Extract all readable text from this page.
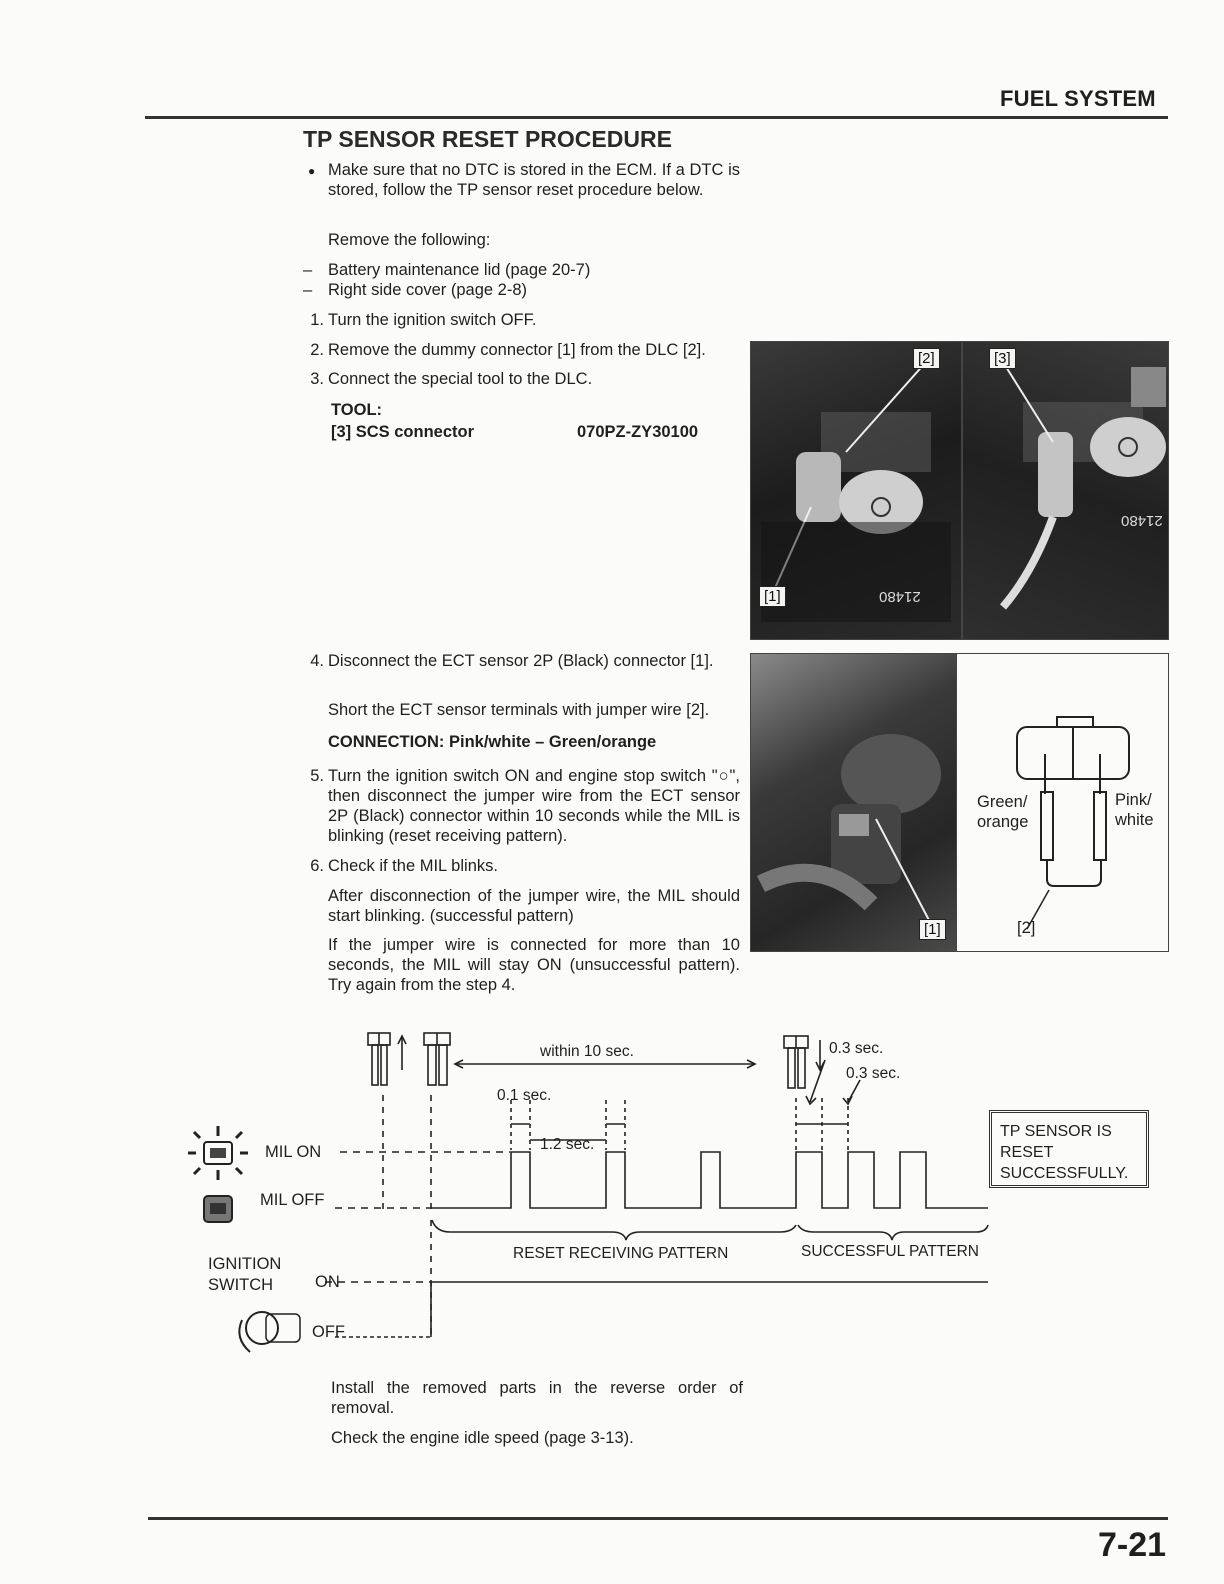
FUEL SYSTEM
TP SENSOR RESET PROCEDURE
● Make sure that no DTC is stored in the ECM. If a DTC is stored, follow the TP sensor reset procedure below.
Remove the following:
– Battery maintenance lid (page 20-7)
– Right side cover (page 2-8)
1. Turn the ignition switch OFF.
2. Remove the dummy connector [1] from the DLC [2].
3. Connect the special tool to the DLC.
TOOL:
[3] SCS connector	070PZ-ZY30100
[2]
[1]	21480
[3]
21480
4. Disconnect the ECT sensor 2P (Black) connector [1].
Short the ECT sensor terminals with jumper wire [2].
CONNECTION: Pink/white – Green/orange
[1]
Green/
orange
Pink/
white
[2]
5. Turn the ignition switch ON and engine stop switch "○", then disconnect the jumper wire from the ECT sensor 2P (Black) connector within 10 seconds while the MIL is blinking (reset receiving pattern).
6. Check if the MIL blinks.
After disconnection of the jumper wire, the MIL should start blinking. (successful pattern)
If the jumper wire is connected for more than 10 seconds, the MIL will stay ON (unsuccessful pattern). Try again from the step 4.
within 10 sec.
0.1 sec.
1.2 sec.
0.3 sec.
0.3 sec.
MIL ON
MIL OFF
IGNITION
SWITCH	ON
OFF
RESET RECEIVING PATTERN	SUCCESSFUL PATTERN
TP SENSOR IS
RESET
SUCCESSFULLY.
Install the removed parts in the reverse order of removal.
Check the engine idle speed (page 3-13).
7-21
